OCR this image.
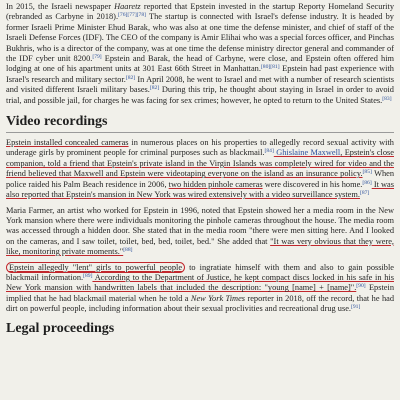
In 2015, the Israeli newspaper Haaretz reported that Epstein invested in the startup Reporty Homeland Security (rebranded as Carbyne in 2018).[76][77][78] The startup is connected with Israel's defense industry. It is headed by former Israeli Prime Minister Ehud Barak, who was also at one time the defense minister, and chief of staff of the Israeli Defense Forces (IDF). The CEO of the company is Amir Elihai who was a special forces officer, and Pinchas Bukhris, who is a director of the company, was at one time the defense ministry director general and commander of the IDF cyber unit 8200.[79] Epstein and Barak, the head of Carbyne, were close, and Epstein often offered him lodging at one of his apartment units at 301 East 66th Street in Manhattan.[80][81] Epstein had past experience with Israel's research and military sector.[82] In April 2008, he went to Israel and met with a number of research scientists and visited different Israeli military bases.[82] During this trip, he thought about staying in Israel in order to avoid trial, and possible jail, for charges he was facing for sex crimes; however, he opted to return to the United States.[83]

Video recordings

Epstein installed concealed cameras in numerous places on his properties to allegedly record sexual activity with underage girls by prominent people for criminal purposes such as blackmail.[84] Ghislaine Maxwell, Epstein's close companion, told a friend that Epstein's private island in the Virgin Islands was completely wired for video and the friend believed that Maxwell and Epstein were videotaping everyone on the island as an insurance policy.[85] When police raided his Palm Beach residence in 2006, two hidden pinhole cameras were discovered in his home.[86] It was also reported that Epstein's mansion in New York was wired extensively with a video surveillance system.[87]

Maria Farmer, an artist who worked for Epstein in 1996, noted that Epstein showed her a media room in the New York mansion where there were individuals monitoring the pinhole cameras throughout the house. The media room was accessed through a hidden door. She stated that in the media room "there were men sitting here. And I looked on the cameras, and I saw toilet, toilet, bed, bed, toilet, bed." She added that "It was very obvious that they were, like, monitoring private moments."[88]

Epstein allegedly "lent" girls to powerful people to ingratiate himself with them and also to gain possible blackmail information.[89] According to the Department of Justice, he kept compact discs locked in his safe in his New York mansion with handwritten labels that included the description: "young [name] + [name]".[90] Epstein implied that he had blackmail material when he told a New York Times reporter in 2018, off the record, that he had dirt on powerful people, including information about their sexual proclivities and recreational drug use.[91]

Legal proceedings
